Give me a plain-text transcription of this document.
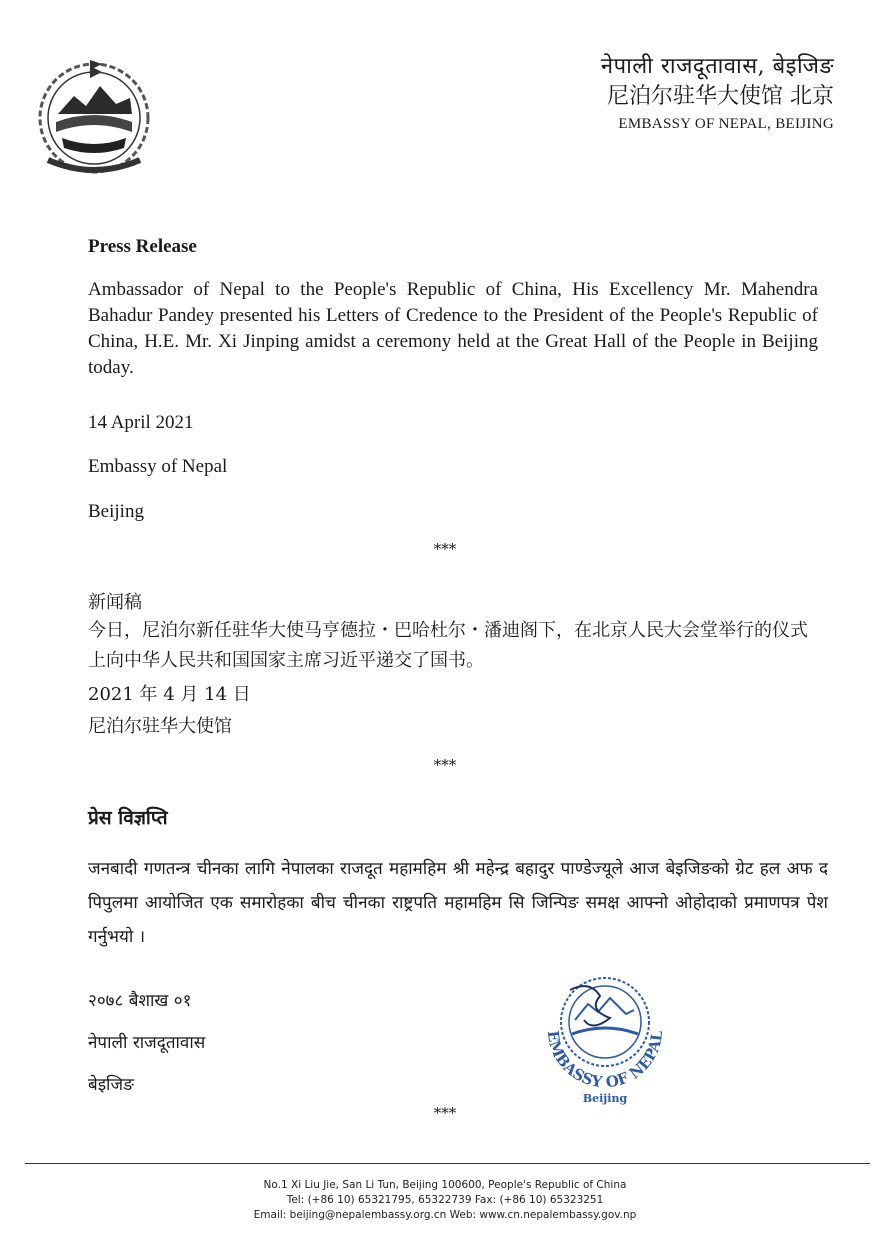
नेपाली राजदूतावास, बेइजिङ
尼泊尔驻华大使馆 北京
EMBASSY OF NEPAL, BEIJING
Press Release
Ambassador of Nepal to the People's Republic of China, His Excellency Mr. Mahendra Bahadur Pandey presented his Letters of Credence to the President of the People's Republic of China, H.E. Mr. Xi Jinping amidst a ceremony held at the Great Hall of the People in Beijing today.
14 April 2021
Embassy of Nepal
Beijing
***
新闻稿
今日，尼泊尔新任驻华大使马亨德拉・巴哈杜尔・潘迪阁下，在北京人民大会堂举行的仪式上向中华人民共和国国家主席习近平递交了国书。
2021 年 4 月 14 日
尼泊尔驻华大使馆
***
प्रेस विज्ञप्ति
जनबादी गणतन्त्र चीनका लागि नेपालका राजदूत महामहिम श्री महेन्द्र बहादुर पाण्डेज्यूले आज बेइजिङको ग्रेट हल अफ द पिपुलमा आयोजित एक समारोहका बीच चीनका राष्ट्रपति महामहिम सि जिन्पिङ समक्ष आफ्नो ओहोदाको प्रमाणपत्र पेश गर्नुभयो ।
२०७८ बैशाख ०१
नेपाली राजदूतावास
बेइजिङ
***
EMBASSY OF NEPAL
Beijing
No.1 Xi Liu Jie, San Li Tun, Beijing 100600, People's Republic of China
Tel: (+86 10) 65321795, 65322739 Fax: (+86 10) 65323251
Email: beijing@nepalembassy.org.cn Web: www.cn.nepalembassy.gov.np
